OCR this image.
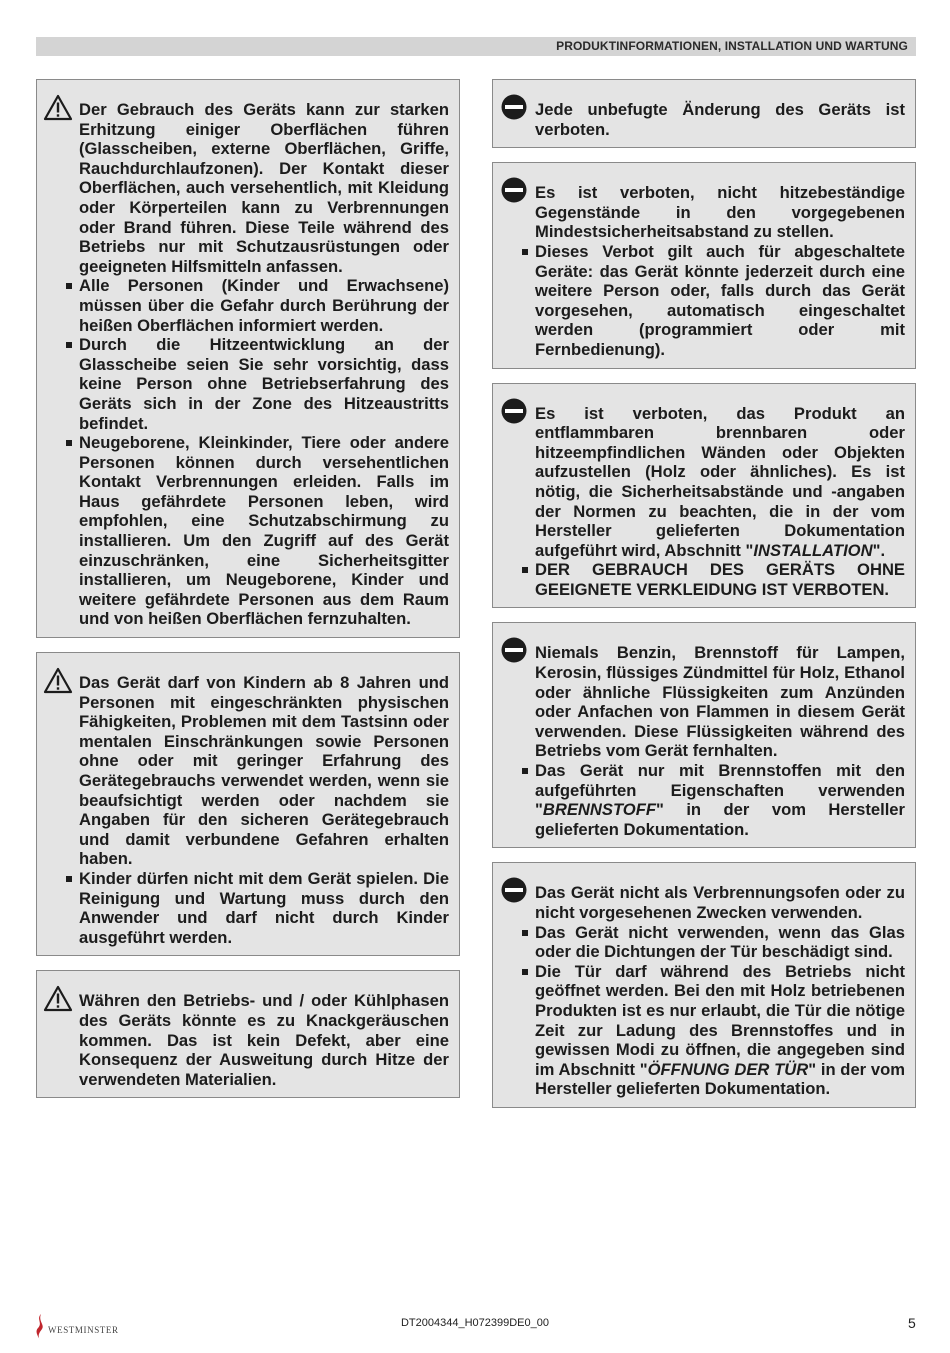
PRODUKTINFORMATIONEN, INSTALLATION UND WARTUNG

Der Gebrauch des Geräts kann zur starken Erhitzung einiger Oberflächen führen (Glasscheiben, externe Oberflächen, Griffe, Rauchdurchlaufzonen). Der Kontakt dieser Oberflächen, auch versehentlich, mit Kleidung oder Körperteilen kann zu Verbrennungen oder Brand führen. Diese Teile während des Betriebs nur mit Schutzausrüstungen oder geeigneten Hilfsmitteln anfassen.

Alle Personen (Kinder und Erwachsene) müssen über die Gefahr durch Berührung der heißen Oberflächen informiert werden.
Durch die Hitzeentwicklung an der Glasscheibe seien Sie sehr vorsichtig, dass keine Person ohne Betriebserfahrung des Geräts sich in der Zone des Hitzeaustritts befindet.
Neugeborene, Kleinkinder, Tiere oder andere Personen können durch versehentlichen Kontakt Verbrennungen erleiden. Falls im Haus gefährdete Personen leben, wird empfohlen, eine Schutzabschirmung zu installieren. Um den Zugriff auf des Gerät einzuschränken, eine Sicherheitsgitter installieren, um Neugeborene, Kinder und weitere gefährdete Personen aus dem Raum und von heißen Oberflächen fernzuhalten.

Das Gerät darf von Kindern ab 8 Jahren und Personen mit eingeschränkten physischen Fähigkeiten, Problemen mit dem Tastsinn oder mentalen Einschränkungen sowie Personen ohne oder mit geringer Erfahrung des Gerätegebrauchs verwendet werden, wenn sie beaufsichtigt werden oder nachdem sie Angaben für den sicheren Gerätegebrauch und damit verbundene Gefahren erhalten haben.

Kinder dürfen nicht mit dem Gerät spielen. Die Reinigung und Wartung muss durch den Anwender und darf nicht durch Kinder ausgeführt werden.

Währen den Betriebs- und / oder Kühlphasen des Geräts könnte es zu Knackgeräuschen kommen. Das ist kein Defekt, aber eine Konsequenz der Ausweitung durch Hitze der verwendeten Materialien.

Jede unbefugte Änderung des Geräts ist verboten.

Es ist verboten, nicht hitzebeständige Gegenstände in den vorgegebenen Mindestsicherheitsabstand zu stellen.

Dieses Verbot gilt auch für abgeschaltete Geräte: das Gerät könnte jederzeit durch eine weitere Person oder, falls durch das Gerät vorgesehen, automatisch eingeschaltet werden (programmiert oder mit Fernbedienung).

Es ist verboten, das Produkt an entflammbaren brennbaren oder hitzeempfindlichen Wänden oder Objekten aufzustellen (Holz oder ähnliches). Es ist nötig, die Sicherheitsabstände und -angaben der Normen zu beachten, die in der vom Hersteller gelieferten Dokumentation aufgeführt wird, Abschnitt "INSTALLATION".

DER GEBRAUCH DES GERÄTS OHNE GEEIGNETE VERKLEIDUNG IST VERBOTEN.

Niemals Benzin, Brennstoff für Lampen, Kerosin, flüssiges Zündmittel für Holz, Ethanol oder ähnliche Flüssigkeiten zum Anzünden oder Anfachen von Flammen in diesem Gerät verwenden. Diese Flüssigkeiten während des Betriebs vom Gerät fernhalten.

Das Gerät nur mit Brennstoffen mit den aufgeführten Eigenschaften verwenden "BRENNSTOFF" in der vom Hersteller gelieferten Dokumentation.

Das Gerät nicht als Verbrennungsofen oder zu nicht vorgesehenen Zwecken verwenden.

Das Gerät nicht verwenden, wenn das Glas oder die Dichtungen der Tür beschädigt sind.
Die Tür darf während des Betriebs nicht geöffnet werden. Bei den mit Holz betriebenen Produkten ist es nur erlaubt, die Tür die nötige Zeit zur Ladung des Brennstoffes und in gewissen Modi zu öffnen, die angegeben sind im Abschnitt "ÖFFNUNG DER TÜR" in der vom Hersteller gelieferten Dokumentation.
WESTMINSTER
DT2004344_H072399DE0_00	5
